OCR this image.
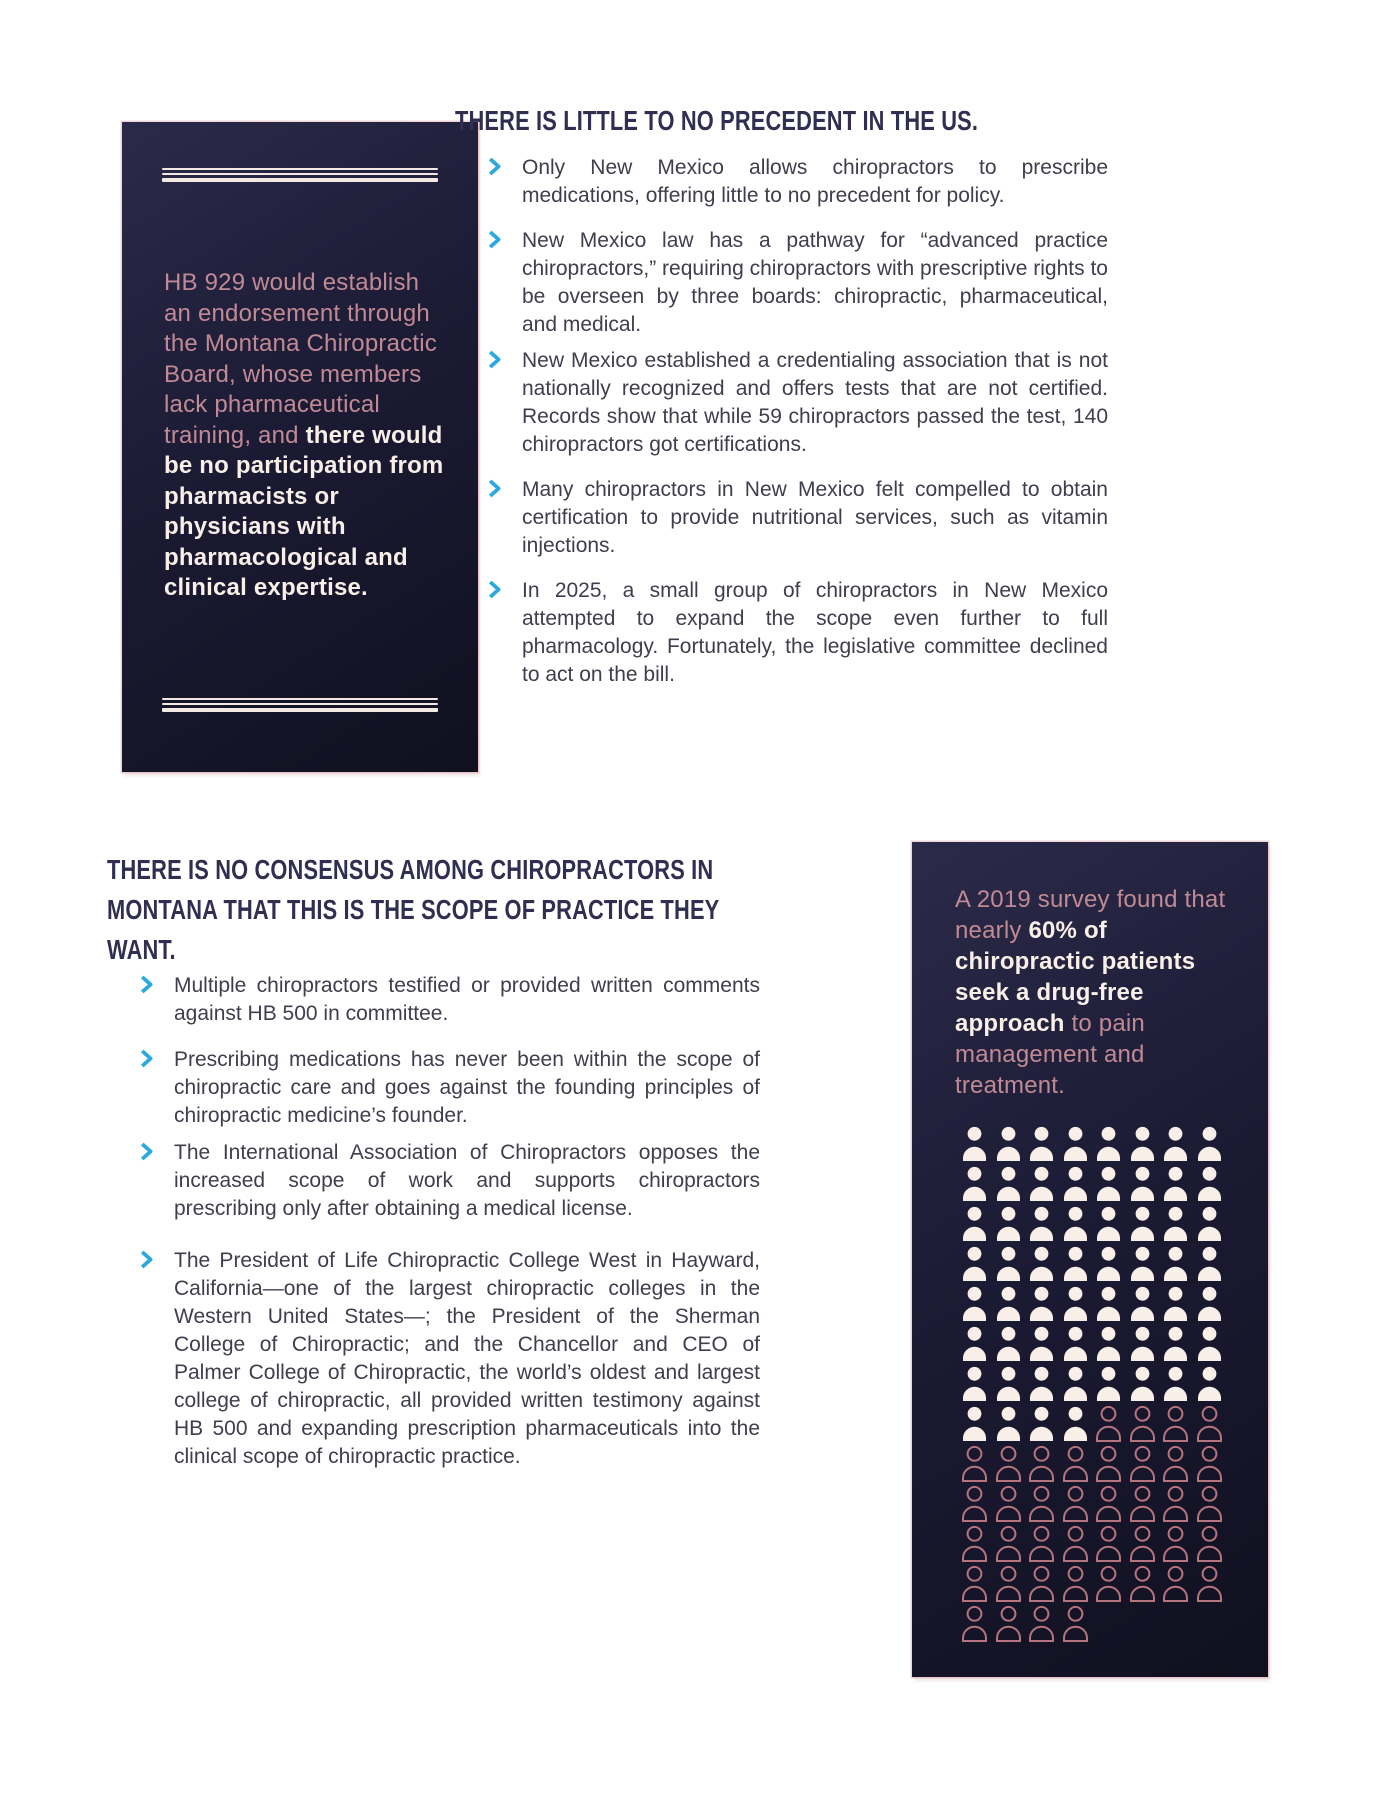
HB 929 would establish an endorsement through the Montana Chiropractic Board, whose members lack pharmaceutical training, and there would be no participation from pharmacists or physicians with pharmacological and clinical expertise.

THERE IS LITTLE TO NO PRECEDENT IN THE US.
Only New Mexico allows chiropractors to prescribe medications, offering little to no precedent for policy.
New Mexico law has a pathway for “advanced practice chiropractors,” requiring chiropractors with prescriptive rights to be overseen by three boards: chiropractic, pharmaceutical, and medical.
New Mexico established a credentialing association that is not nationally recognized and offers tests that are not certified. Records show that while 59 chiropractors passed the test, 140 chiropractors got certifications.
Many chiropractors in New Mexico felt compelled to obtain certification to provide nutritional services, such as vitamin injections.
In 2025, a small group of chiropractors in New Mexico attempted to expand the scope even further to full pharmacology. Fortunately, the legislative committee declined to act on the bill.
THERE IS NO CONSENSUS AMONG CHIROPRACTORS IN MONTANA THAT THIS IS THE SCOPE OF PRACTICE THEY WANT.
Multiple chiropractors testified or provided written comments against HB 500 in committee.
Prescribing medications has never been within the scope of chiropractic care and goes against the founding principles of chiropractic medicine’s founder.
The International Association of Chiropractors opposes the increased scope of work and supports chiropractors prescribing only after obtaining a medical license.
The President of Life Chiropractic College West in Hayward, California—one of the largest chiropractic colleges in the Western United States—; the President of the Sherman College of Chiropractic; and the Chancellor and CEO of Palmer College of Chiropractic, the world’s oldest and largest college of chiropractic, all provided written testimony against HB 500 and expanding prescription pharmaceuticals into the clinical scope of chiropractic practice.

A 2019 survey found that nearly 60% of chiropractic patients seek a drug-free approach to pain management and treatment.
